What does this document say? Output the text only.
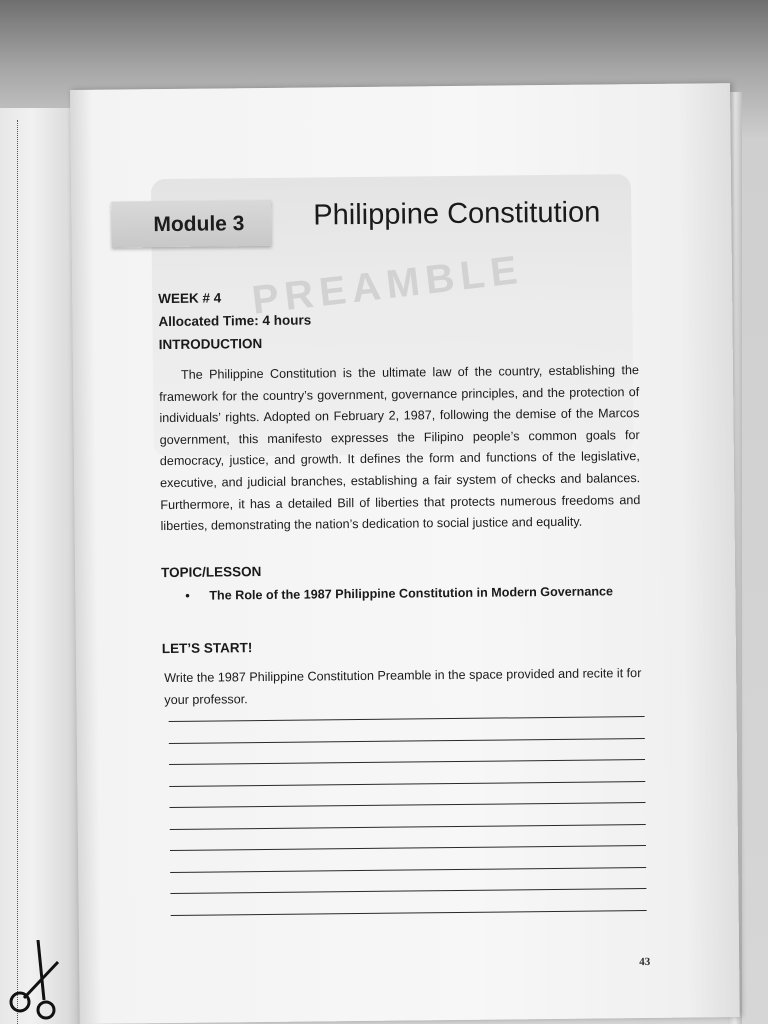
PREAMBLE
Module 3 Philippine Constitution
WEEK # 4
Allocated Time: 4 hours
INTRODUCTION
The Philippine Constitution is the ultimate law of the country, establishing the framework for the country’s government, governance principles, and the protection of individuals’ rights. Adopted on February 2, 1987, following the demise of the Marcos government, this manifesto expresses the Filipino people’s common goals for democracy, justice, and growth. It defines the form and functions of the legislative, executive, and judicial branches, establishing a fair system of checks and balances. Furthermore, it has a detailed Bill of liberties that protects numerous freedoms and liberties, demonstrating the nation’s dedication to social justice and equality.
TOPIC/LESSON
• The Role of the 1987 Philippine Constitution in Modern Governance
LET’S START!
Write the 1987 Philippine Constitution Preamble in the space provided and recite it for your professor.
43
